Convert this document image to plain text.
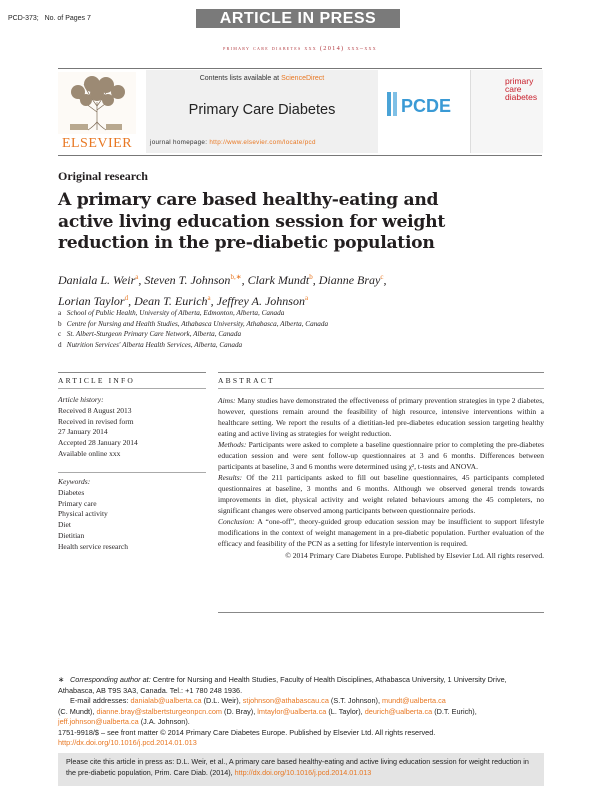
PCD-373; No. of Pages 7	ARTICLE IN PRESS
primary care diabetes xxx (2014) xxx–xxx
ELSEVIER
Contents lists available at ScienceDirect
Primary Care Diabetes
journal homepage: http://www.elsevier.com/locate/pcd
PCDE
primary
care
diabetes
Original research
A primary care based healthy-eating and active living education session for weight reduction in the pre-diabetic population
Daniala L. Weir$^a$, Steven T. Johnson$^{b,∗}$, Clark Mundt$^b$, Dianne Bray$^c$,
Lorian Taylor$^d$, Dean T. Eurich$^a$, Jeffrey A. Johnson$^a$
a School of Public Health, University of Alberta, Edmonton, Alberta, Canada
b Centre for Nursing and Health Studies, Athabasca University, Athabasca, Alberta, Canada
c St. Albert-Sturgeon Primary Care Network, Alberta, Canada
d Nutrition Services' Alberta Health Services, Alberta, Canada
ARTICLE INFO	ABSTRACT
Article history:
Received 8 August 2013
Received in revised form
27 January 2014
Accepted 28 January 2014
Available online xxx
Keywords:
Diabetes
Primary care
Physical activity
Diet
Dietitian
Health service research

Aims: Many studies have demonstrated the effectiveness of primary prevention strategies in type 2 diabetes, however, questions remain around the feasibility of high resource, intensive interventions within a healthcare setting. We report the results of a dietitian-led pre-diabetes education session targeting healthy eating and active living as strategies for weight reduction.

Methods: Participants were asked to complete a baseline questionnaire prior to completing the pre-diabetes education session and were sent follow-up questionnaires at 3 and 6 months. Differences between participants at baseline, 3 and 6 months were determined using χ², t-tests and ANOVA.

Results: Of the 211 participants asked to fill out baseline questionnaires, 45 participants completed questionnaires at baseline, 3 months and 6 months. Although we observed general trends towards improvements in diet, physical activity and weight related behaviours among the 45 completers, no significant changes were observed among participants between questionnaire periods.

Conclusion: A “one-off”, theory-guided group education session may be insufficient to support lifestyle modifications in the context of weight management in a pre-diabetic population. Further evaluation of the efficacy and feasibility of the PCN as a setting for lifestyle intervention is required.

© 2014 Primary Care Diabetes Europe. Published by Elsevier Ltd. All rights reserved.

∗ Corresponding author at: Centre for Nursing and Health Studies, Faculty of Health Disciplines, Athabasca University, 1 University Drive, Athabasca, AB T9S 3A3, Canada. Tel.: +1 780 248 1936.

E-mail addresses: danialab@ualberta.ca (D.L. Weir), stjohnson@athabascau.ca (S.T. Johnson), mundt@ualberta.ca

(C. Mundt), dianne.bray@stalbertsturgeonpcn.com (D. Bray), lmtaylor@ualberta.ca (L. Taylor), deurich@ualberta.ca (D.T. Eurich),

jeff.johnson@ualberta.ca (J.A. Johnson).

1751-9918/$ – see front matter © 2014 Primary Care Diabetes Europe. Published by Elsevier Ltd. All rights reserved.

http://dx.doi.org/10.1016/j.pcd.2014.01.013

Please cite this article in press as: D.L. Weir, et al., A primary care based healthy-eating and active living education session for weight reduction in the pre-diabetic population, Prim. Care Diab. (2014), http://dx.doi.org/10.1016/j.pcd.2014.01.013
